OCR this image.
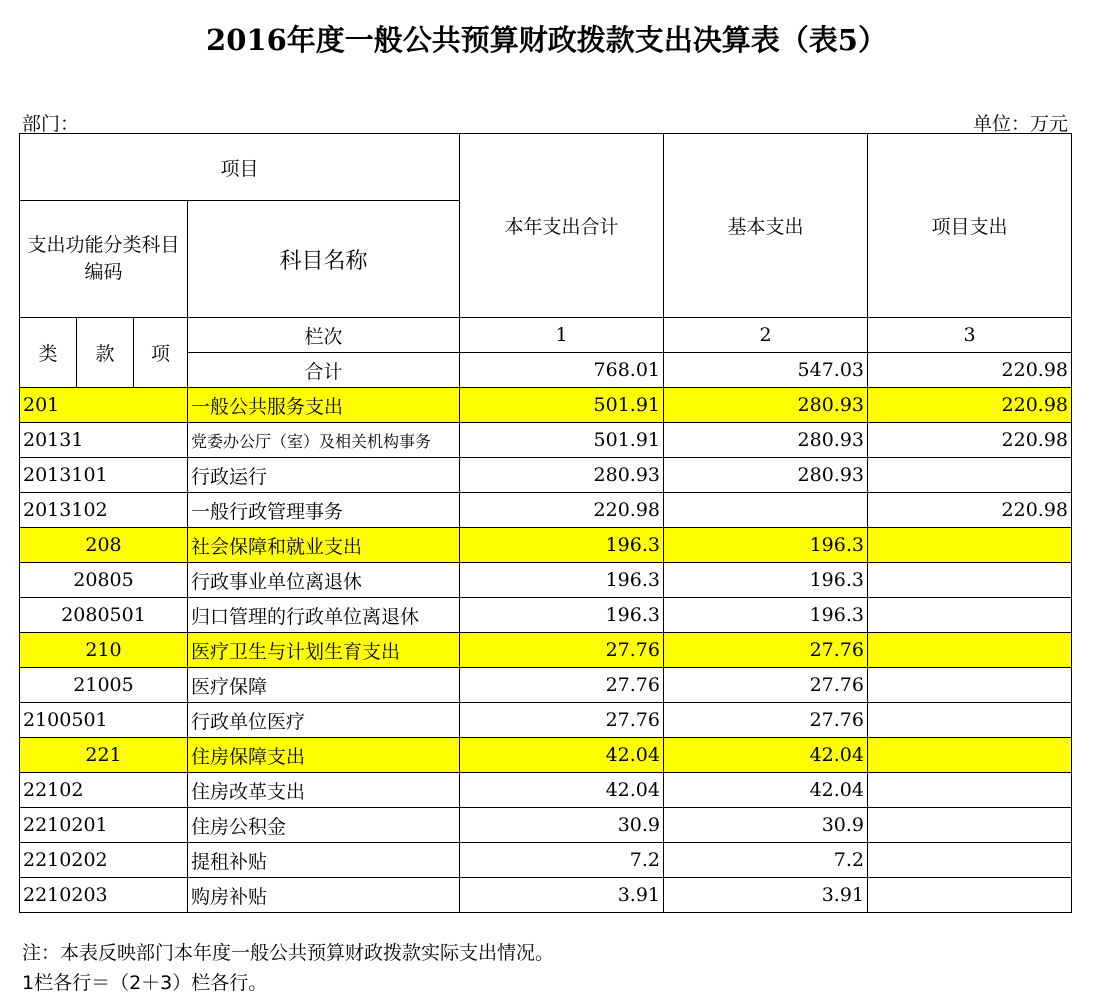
2016年度一般公共预算财政拨款支出决算表（表5）
部门：	单位：万元
项目				本年支出合计	基本支出	项目支出
支出功能分类科目编码			科目名称			

类	款	项	栏次	1	2	3
			合计	768.01	547.03	220.98
201			一般公共服务支出	501.91	280.93	220.98
20131			党委办公厅（室）及相关机构事务	501.91	280.93	220.98
2013101			行政运行	280.93	280.93	
2013102			一般行政管理事务	220.98		220.98
208			社会保障和就业支出	196.3	196.3	
20805			行政事业单位离退休	196.3	196.3	
2080501			归口管理的行政单位离退休	196.3	196.3	
210			医疗卫生与计划生育支出	27.76	27.76	
21005			医疗保障	27.76	27.76	
2100501			行政单位医疗	27.76	27.76	
221			住房保障支出	42.04	42.04	
22102			住房改革支出	42.04	42.04	
2210201			住房公积金	30.9	30.9	
2210202			提租补贴	7.2	7.2	
2210203			购房补贴	3.91	3.91	
注：本表反映部门本年度一般公共预算财政拨款实际支出情况。
1栏各行＝（2＋3）栏各行。
